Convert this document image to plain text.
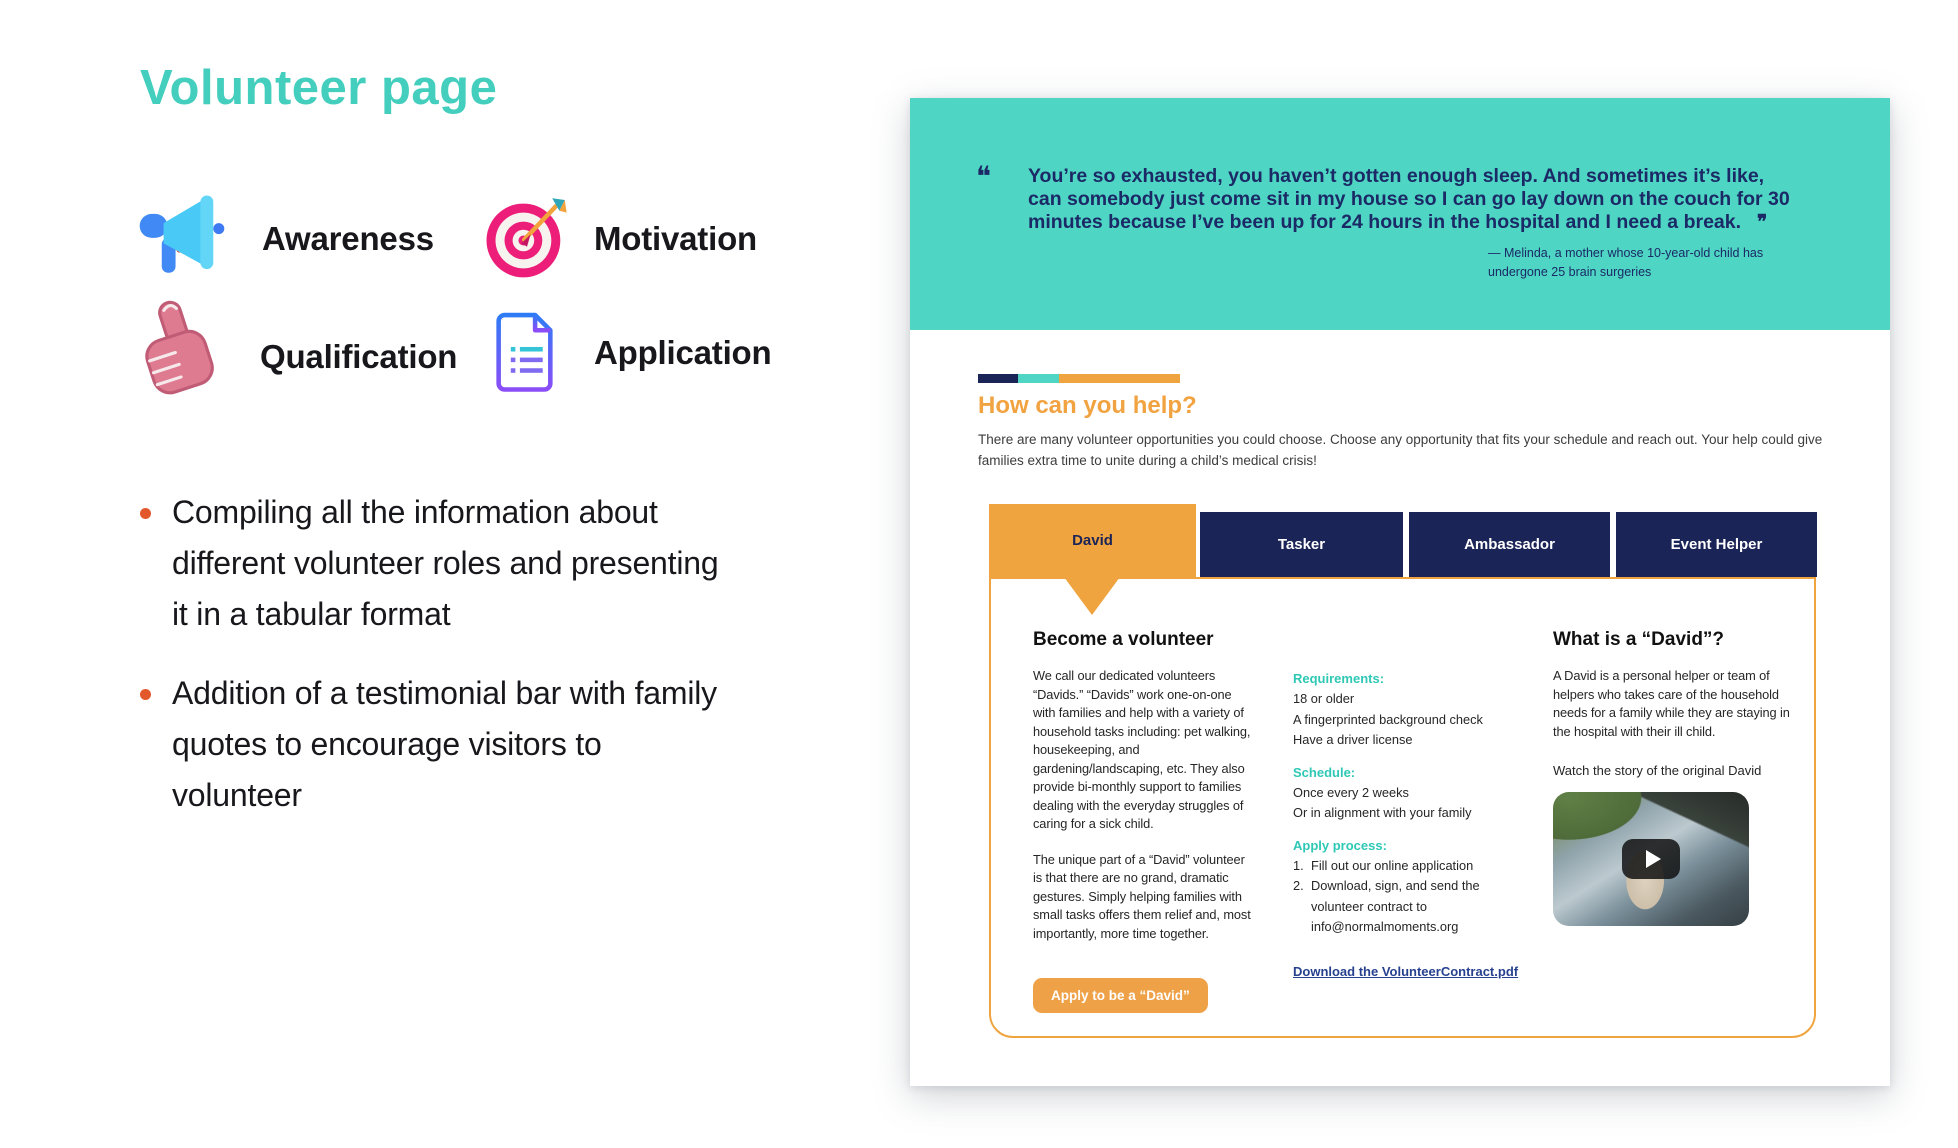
Volunteer page
Awareness	Motivation
Qualification	Application
Compiling all the information about different volunteer roles and presenting it in a tabular format
Addition of a testimonial bar with family quotes to encourage visitors to volunteer
❝ You’re so exhausted, you haven’t gotten enough sleep. And sometimes it’s like, can somebody just come sit in my house so I can go lay down on the couch for 30 minutes because I’ve been up for 24 hours in the hospital and I need a break. ❞
— Melinda, a mother whose 10-year-old child has
undergone 25 brain surgeries
How can you help?
There are many volunteer opportunities you could choose. Choose any opportunity that fits your schedule and reach out. Your help could give families extra time to unite during a child’s medical crisis!
David	Tasker	Ambassador	Event Helper
Become a volunteer

We call our dedicated volunteers “Davids.” “Davids” work one-on-one with families and help with a variety of household tasks including: pet walking, housekeeping, and gardening/landscaping, etc. They also provide bi-monthly support to families dealing with the everyday struggles of caring for a sick child.

The unique part of a “David” volunteer is that there are no grand, dramatic gestures. Simply helping families with small tasks offers them relief and, most importantly, more time together.

Apply to be a “David”
Requirements:
18 or older
A fingerprinted background check
Have a driver license
Schedule:
Once every 2 weeks
Or in alignment with your family
Apply process:
1. Fill out our online application
2. Download, sign, and send the volunteer contract to info@normalmoments.org
Download the VolunteerContract.pdf
What is a “David”?

A David is a personal helper or team of helpers who takes care of the household needs for a family while they are staying in the hospital with their ill child.

Watch the story of the original David
